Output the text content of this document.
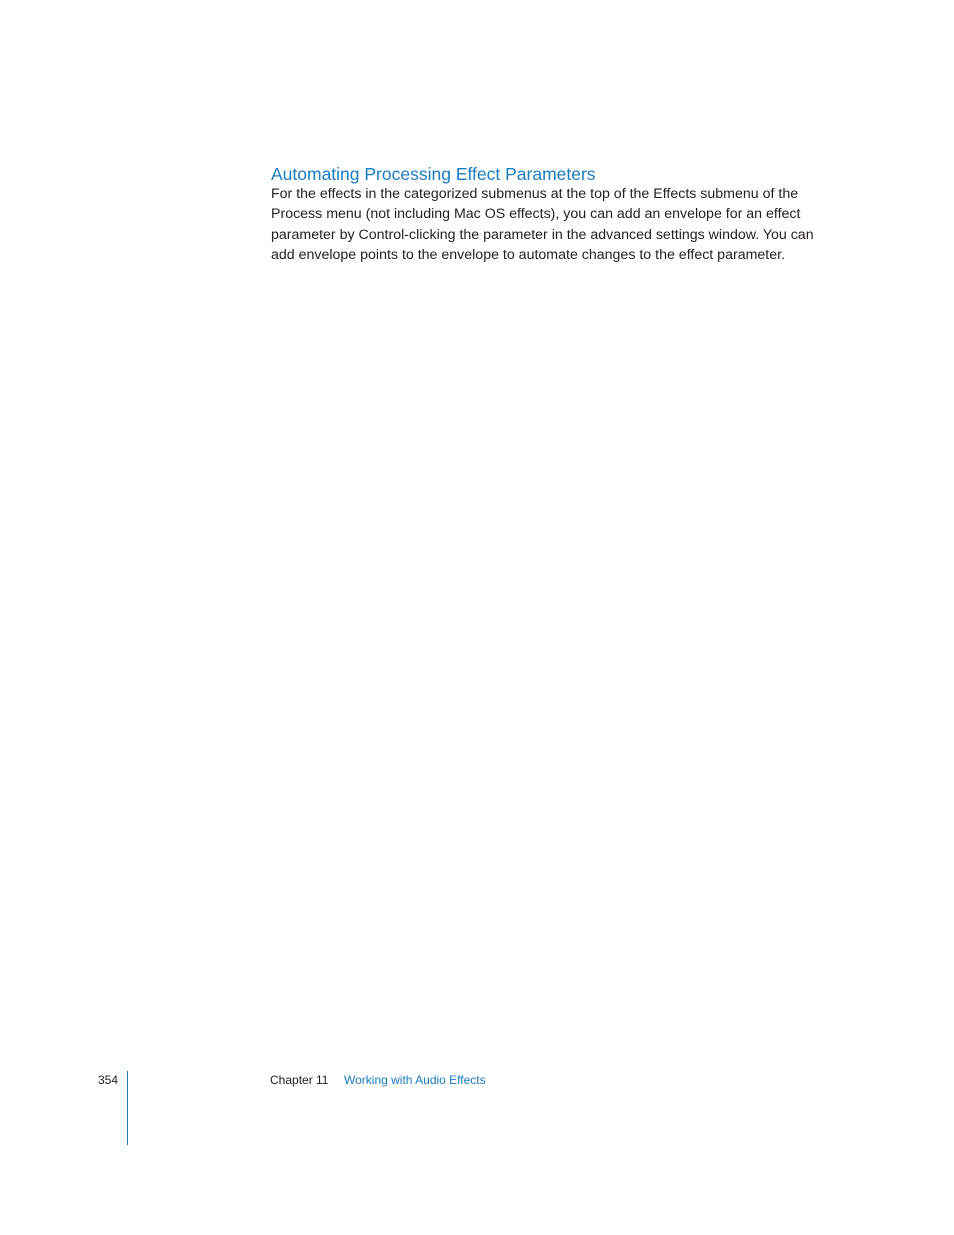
Automating Processing Effect Parameters

For the effects in the categorized submenus at the top of the Effects submenu of the
Process menu (not including Mac OS effects), you can add an envelope for an effect
parameter by Control-clicking the parameter in the advanced settings window. You can
add envelope points to the envelope to automate changes to the effect parameter.

354	Chapter 11 Working with Audio Effects
